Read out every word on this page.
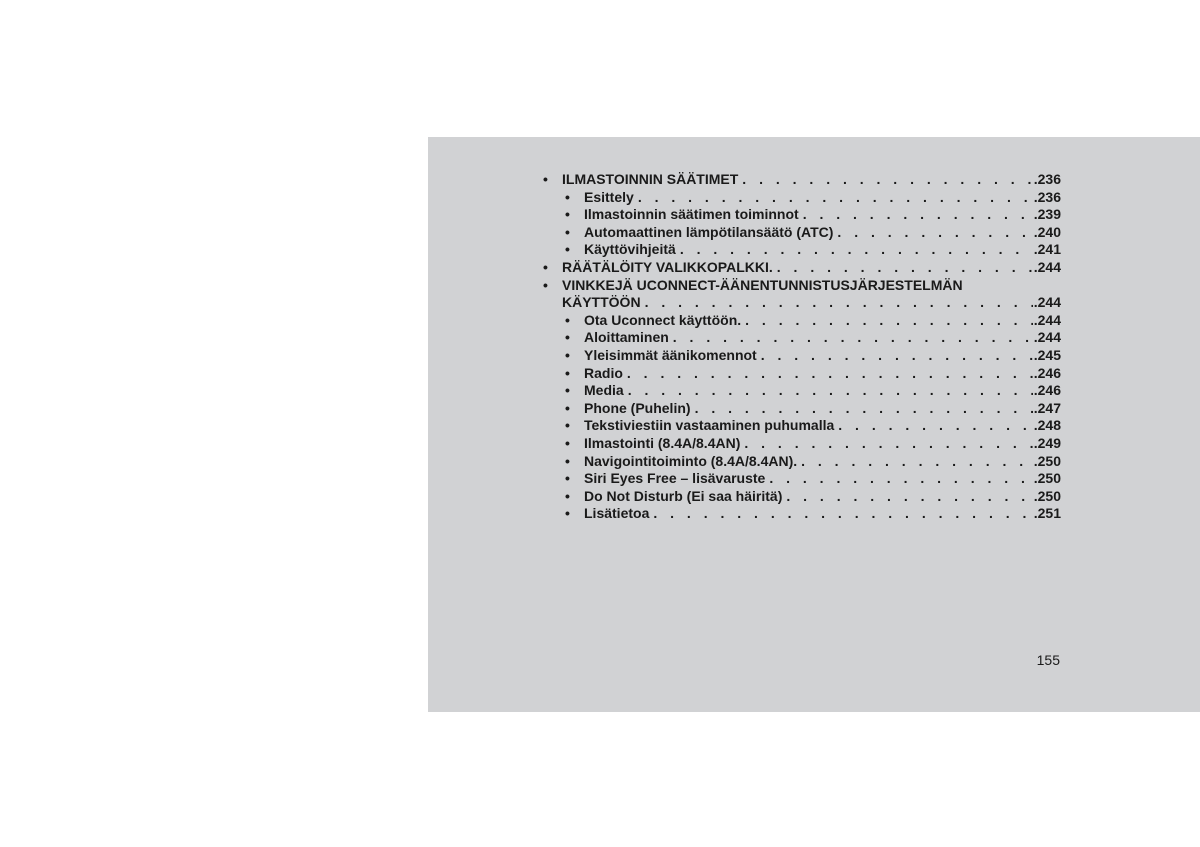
• ILMASTOINNIN SÄÄTIMET . . .	.236
• Esittely . . .	.236
• Ilmastoinnin säätimen toiminnot . . .	.239
• Automaattinen lämpötilansäätö (ATC) . . .	.240
• Käyttövihjeitä . . .	.241
• RÄÄTÄLÖITY VALIKKOPALKKI. . . .	.244
• VINKKEJÄ UCONNECT-ÄÄNENTUNNISTUSJÄRJESTELMÄN
KÄYTTÖÖN . . .	.244
• Ota Uconnect käyttöön. . . .	.244
• Aloittaminen . . .	.244
• Yleisimmät äänikomennot . . .	.245
• Radio . . .	.246
• Media . . .	.246
• Phone (Puhelin) . . .	.247
• Tekstiviestiin vastaaminen puhumalla . . .	.248
• Ilmastointi (8.4A/8.4AN) . . .	.249
• Navigointitoiminto (8.4A/8.4AN). . . .	.250
• Siri Eyes Free – lisävaruste . . .	.250
• Do Not Disturb (Ei saa häiritä) . . .	.250
• Lisätietoa . . .	.251
155
